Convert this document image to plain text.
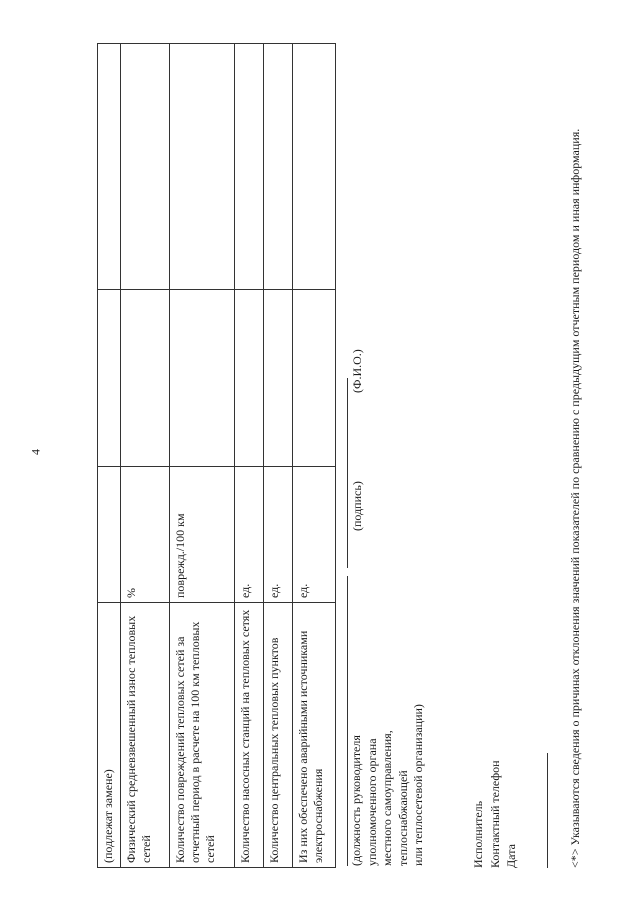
4
(подлежат замене)			
Физический средневзвешенный износ тепловых сетей	%		
Количество повреждений тепловых сетей за отчетный период в расчете на 100 км тепловых сетей	поврежд./100 км		
Количество насосных станций на тепловых сетях	ед.		
Количество центральных тепловых пунктов	ед.		
Из них обеспечено аварийными источниками электроснабжения	ед.		
(должность руководителя уполномоченного органа местного самоуправления, теплоснабжающей или теплосетевой организации)
(подпись)
(Ф.И.О.)
Исполнитель Контактный телефон Дата	<*> Указываются сведения о причинах отклонения значений показателей по сравнению с предыдущим отчетным периодом и иная информация.
